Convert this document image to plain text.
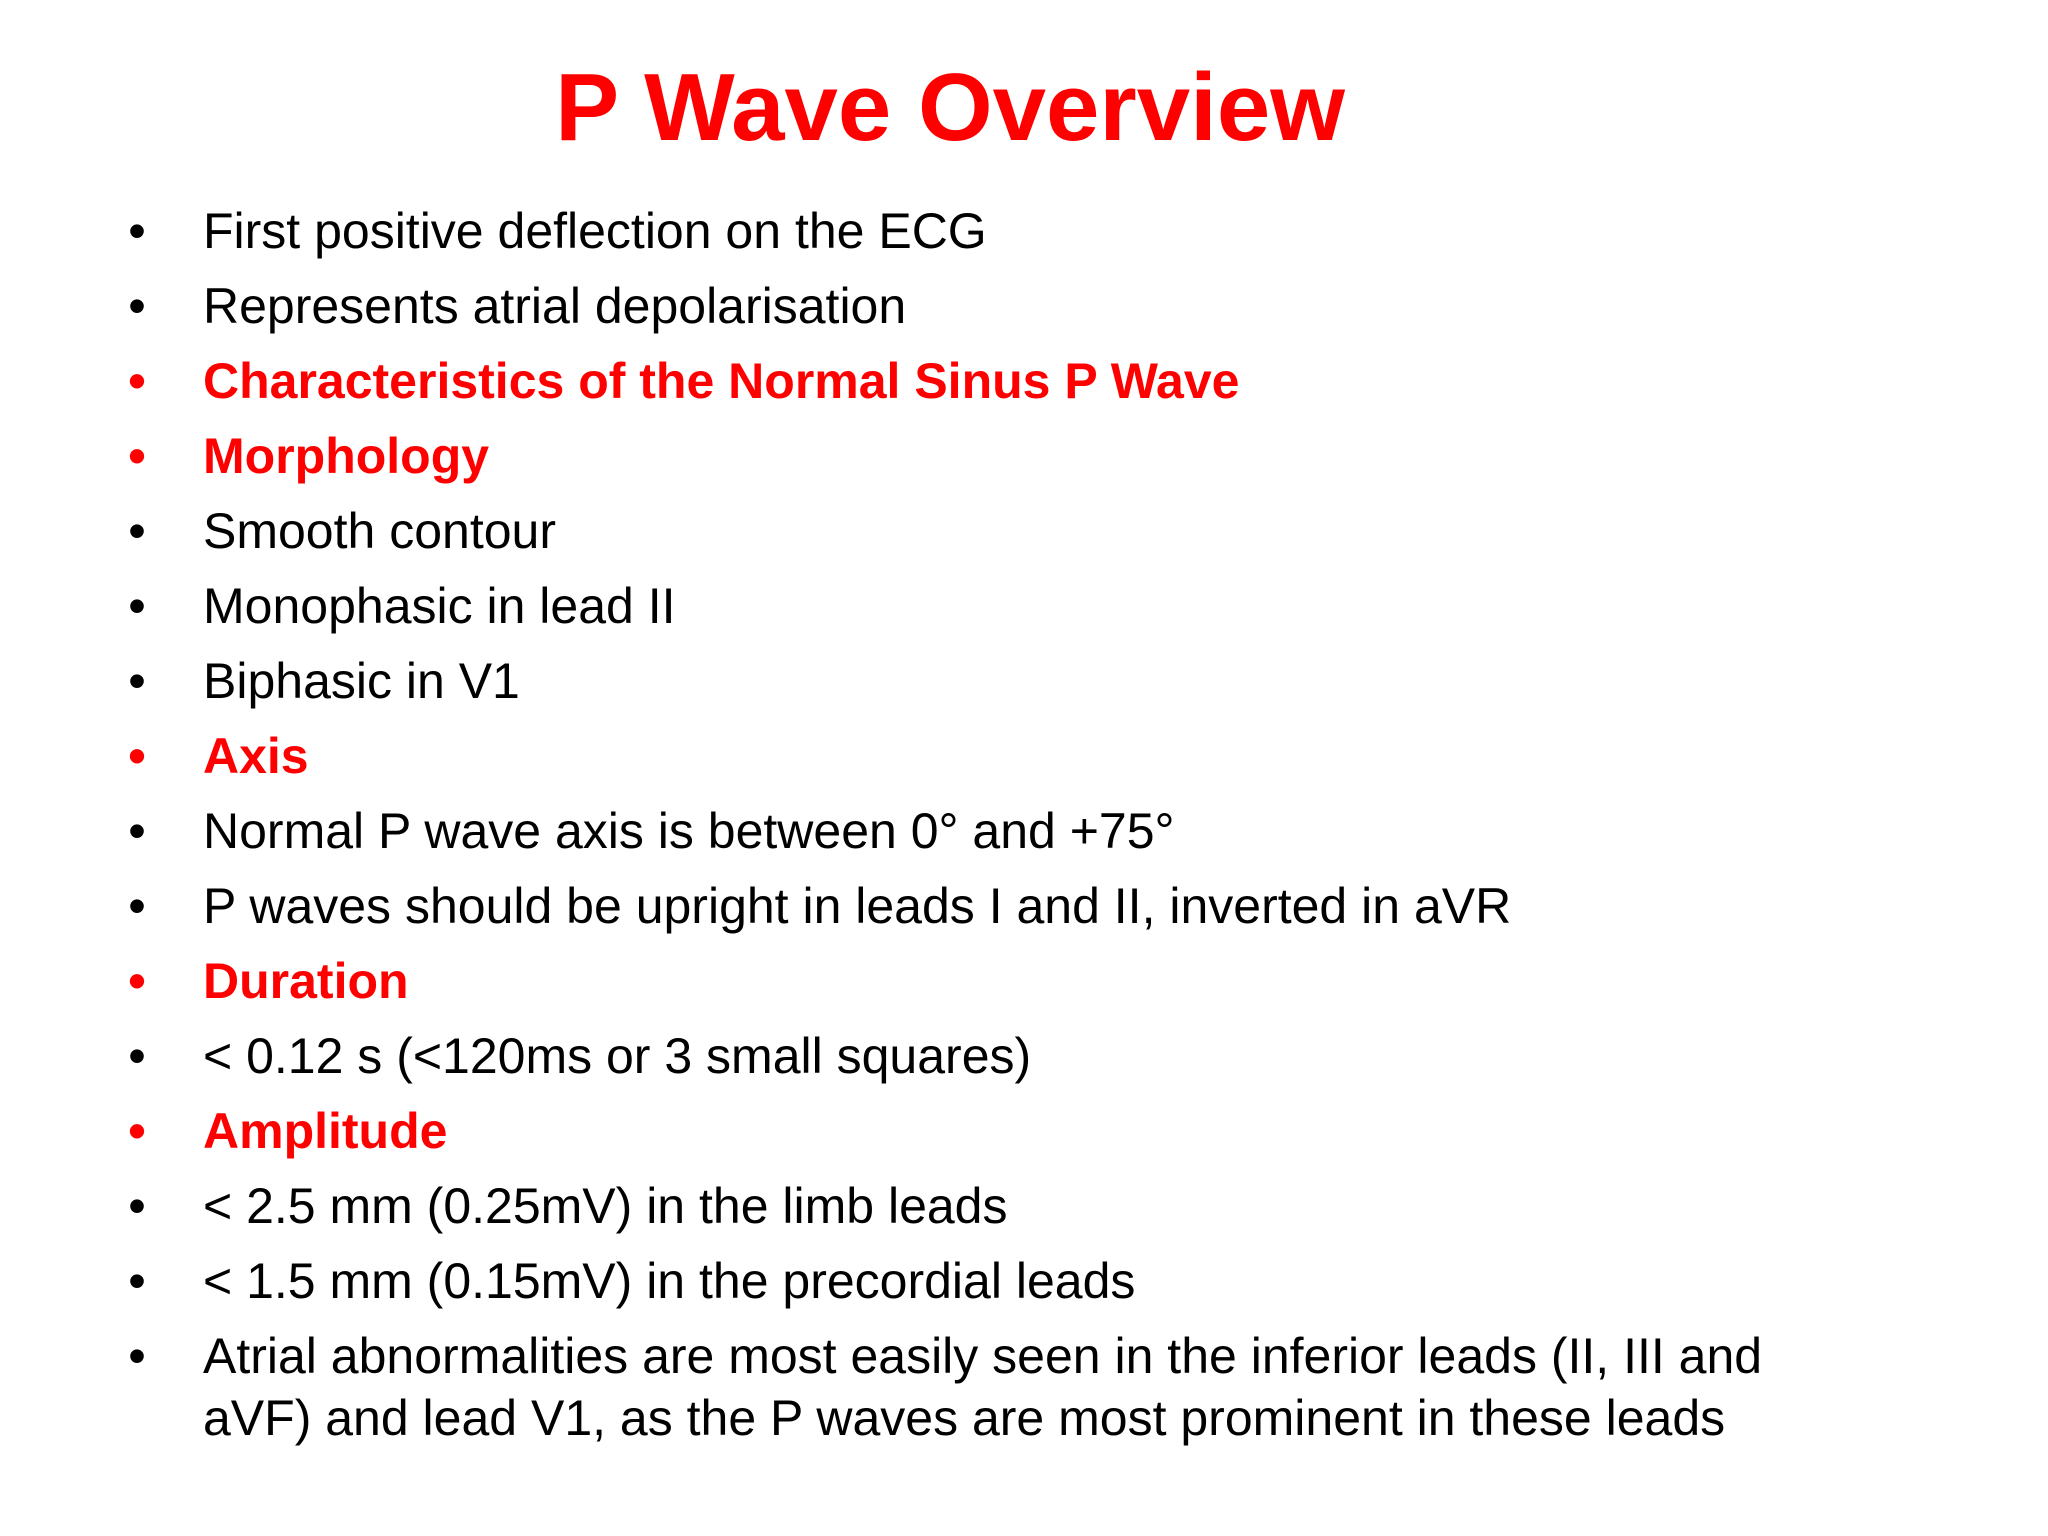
P Wave Overview
• First positive deflection on the ECG
• Represents atrial depolarisation
• Characteristics of the Normal Sinus P Wave
• Morphology
• Smooth contour
• Monophasic in lead II
• Biphasic in V1
• Axis
• Normal P wave axis is between 0° and +75°
• P waves should be upright in leads I and II, inverted in aVR
• Duration
• < 0.12 s (<120ms or 3 small squares)
• Amplitude
• < 2.5 mm (0.25mV) in the limb leads
• < 1.5 mm (0.15mV) in the precordial leads
• Atrial abnormalities are most easily seen in the inferior leads (II, III and aVF) and lead V1, as the P waves are most prominent in these leads
